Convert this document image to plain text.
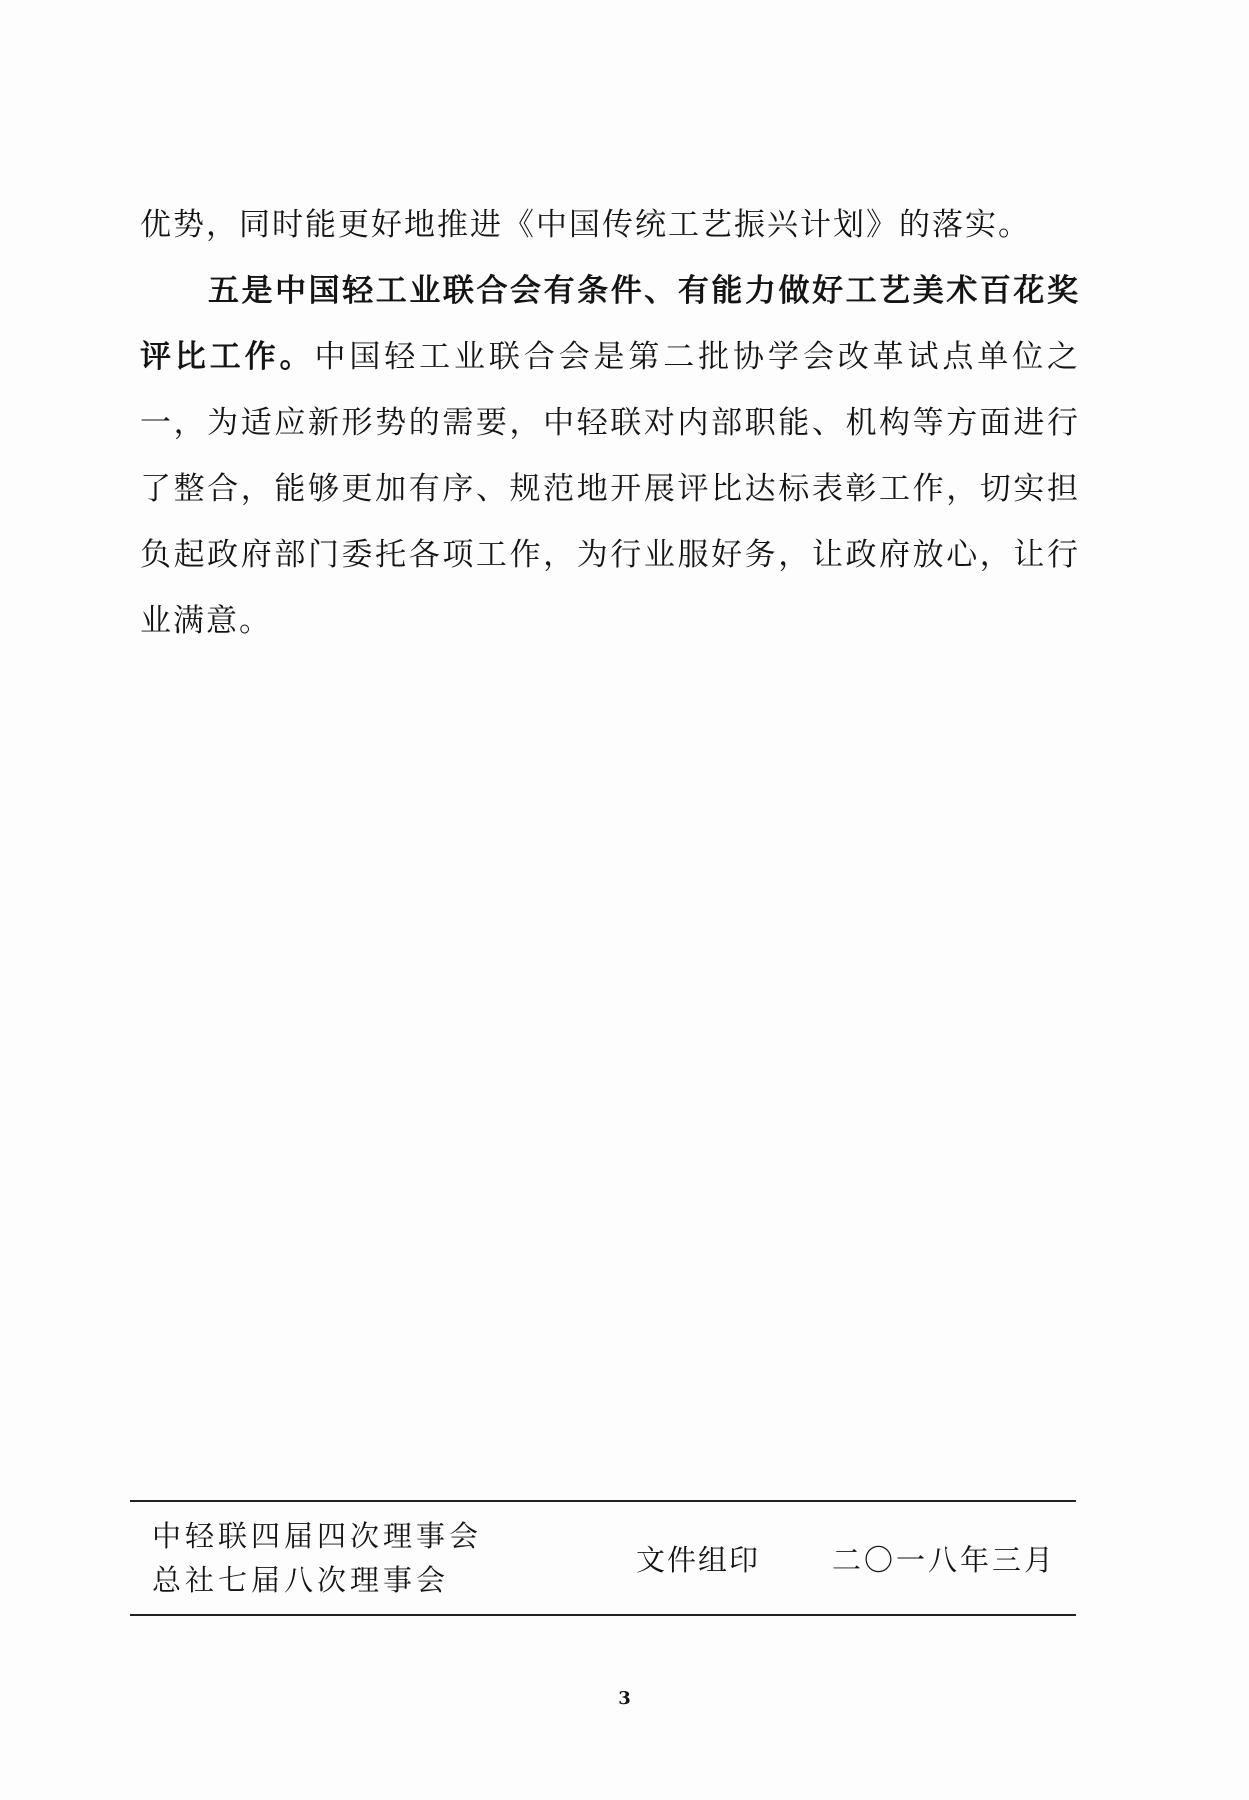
优势，同时能更好地推进《中国传统工艺振兴计划》的落实。

五是中国轻工业联合会有条件、有能力做好工艺美术百花奖评比工作。中国轻工业联合会是第二批协学会改革试点单位之一，为适应新形势的需要，中轻联对内部职能、机构等方面进行了整合，能够更加有序、规范地开展评比达标表彰工作，切实担负起政府部门委托各项工作，为行业服好务，让政府放心，让行业满意。

中轻联四届四次理事会
总社七届八次理事会
文件组印 二〇一八年三月
3
